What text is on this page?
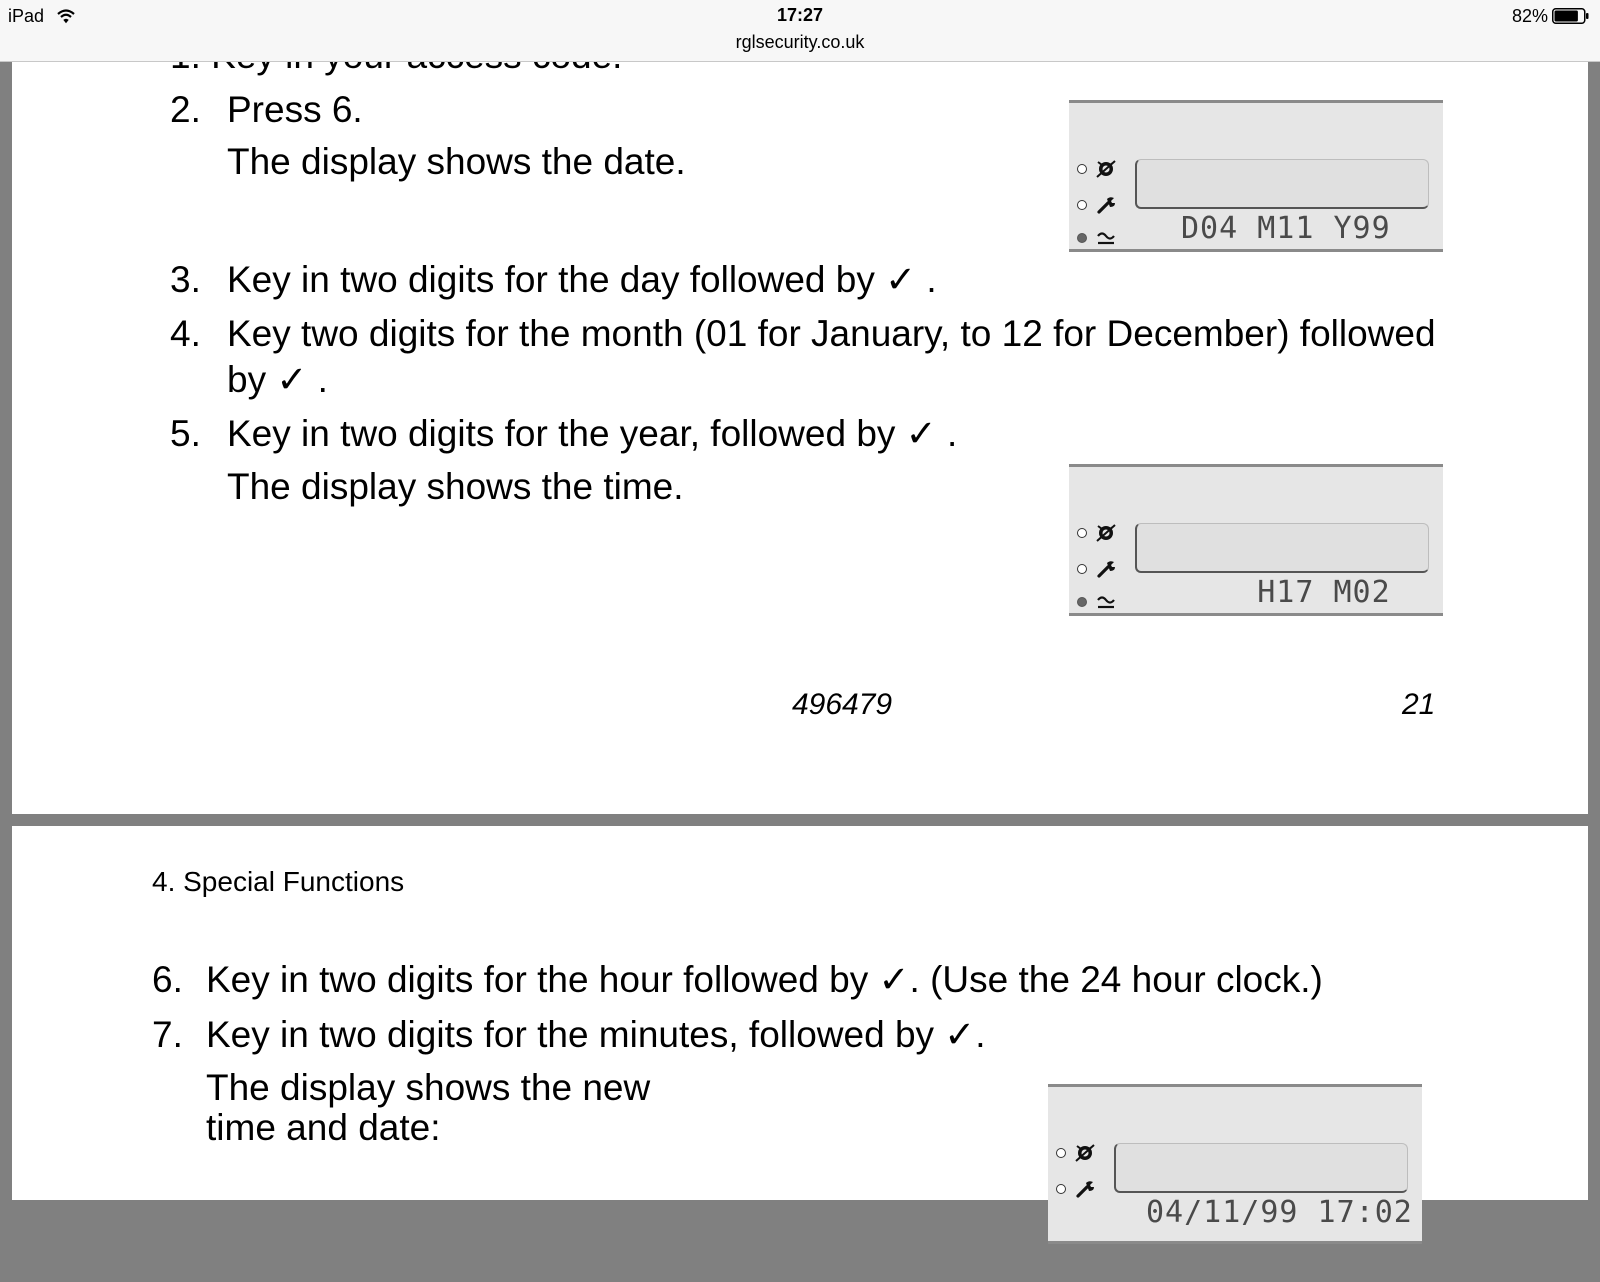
iPad	17:27
rglsecurity.co.uk
82%
2. Press 6.
The display shows the date.

D04 M11 Y99

3. Key in two digits for the day followed by ✓ .
4. Key two digits for the month (01 for January, to 12 for December) followed
by ✓ .
5. Key in two digits for the year, followed by ✓ .
The display shows the time.

H17 M02

496479	21
4. Special Functions
6. Key in two digits for the hour followed by ✓. (Use the 24 hour clock.)
7. Key in two digits for the minutes, followed by ✓.
The display shows the new
time and date:

04/11/99 17:02
